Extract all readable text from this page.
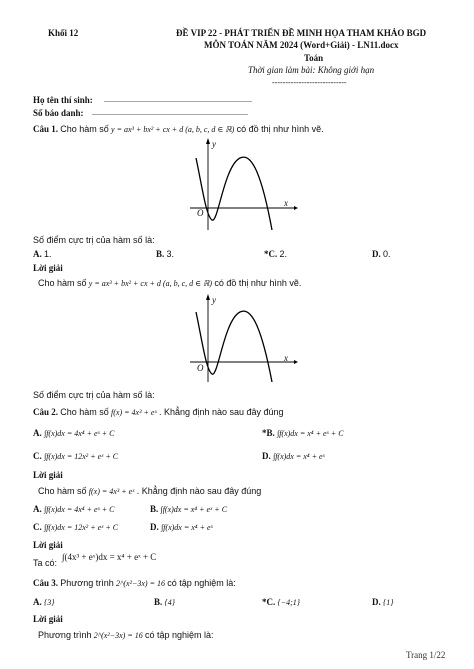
Khối 12	ĐỀ VIP 22 - PHÁT TRIỂN ĐỀ MINH HỌA THAM KHẢO BGD
MÔN TOÁN NĂM 2024 (Word+Giải) - LN11.docx
Toán
Thời gian làm bài: Không giới hạn
----------------------------
Họ tên thí sinh: ..........................................................................
Số báo danh: ..............................................................................
Câu 1. Cho hàm số y = ax³ + bx² + cx + d (a, b, c, d ∈ ℝ) có đồ thị như hình vẽ.
y
x
O
Số điểm cực trị của hàm số là:
A. 1.	B. 3.	*C. 2.	D. 0.
Lời giải
Cho hàm số y = ax³ + bx² + cx + d (a, b, c, d ∈ ℝ) có đồ thị như hình vẽ.
y
x
O
Số điểm cực trị của hàm số là:
Câu 2. Cho hàm số f(x) = 4x³ + eˣ . Khẳng định nào sau đây đúng
A. ∫f(x)dx = 4x⁴ + eˣ + C	*B. ∫f(x)dx = x⁴ + eˣ + C
C. ∫f(x)dx = 12x² + eˣ + C	D. ∫f(x)dx = x⁴ + eˣ
Lời giải
Cho hàm số f(x) = 4x³ + eˣ . Khẳng định nào sau đây đúng
A. ∫f(x)dx = 4x⁴ + eˣ + C	B. ∫f(x)dx = x⁴ + eˣ + C
C. ∫f(x)dx = 12x² + eˣ + C	D. ∫f(x)dx = x⁴ + eˣ
Lời giải
Ta có:
∫(4x³ + eˣ)dx = x⁴ + eˣ + C
Câu 3. Phương trình 2^(x²−3x) = 16 có tập nghiệm là:
A. {3}	B. {4}	*C. {−4;1}	D. {1}
Lời giải
Phương trình 2^(x²−3x) = 16 có tập nghiệm là:
Trang 1/22
